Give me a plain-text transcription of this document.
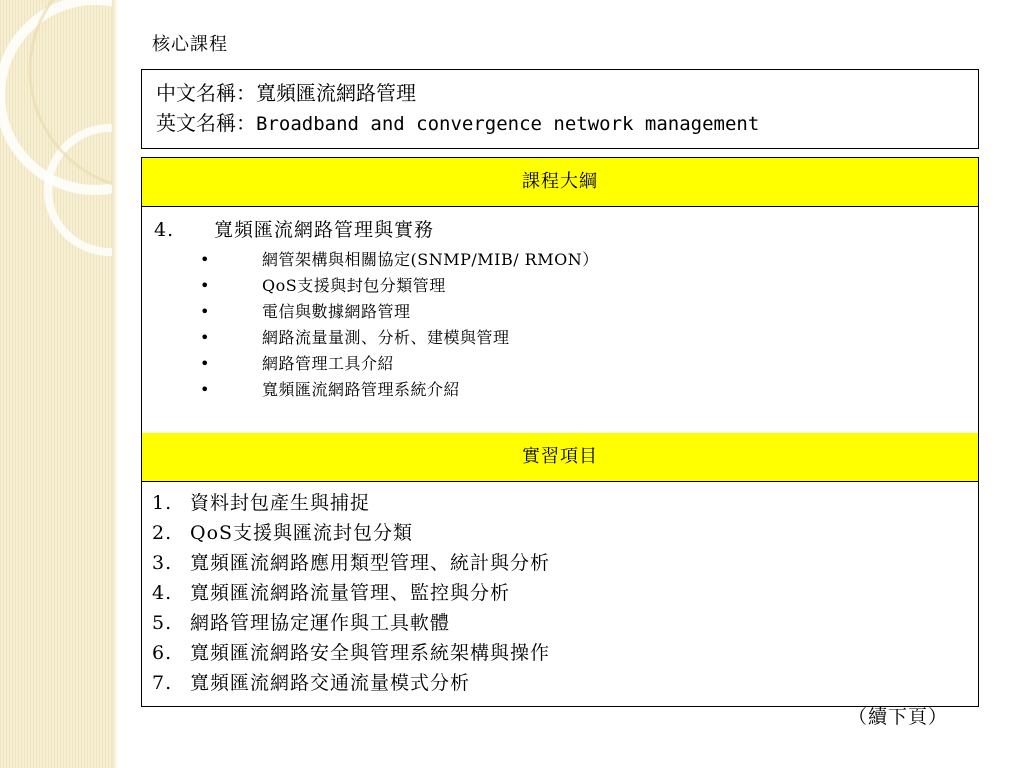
核心課程
中文名稱：寬頻匯流網路管理
英文名稱：Broadband and convergence network management
課程大綱
4. 寬頻匯流網路管理與實務
•	網管架構與相關協定(SNMP/MIB/ RMON）
•	QoS支援與封包分類管理
•	電信與數據網路管理
•	網路流量量測、分析、建模與管理
•	網路管理工具介紹
•	寬頻匯流網路管理系統介紹
實習項目
1. 資料封包產生與捕捉
2. QoS支援與匯流封包分類
3. 寬頻匯流網路應用類型管理、統計與分析
4. 寬頻匯流網路流量管理、監控與分析
5. 網路管理協定運作與工具軟體
6. 寬頻匯流網路安全與管理系統架構與操作
7. 寬頻匯流網路交通流量模式分析
（續下頁）
